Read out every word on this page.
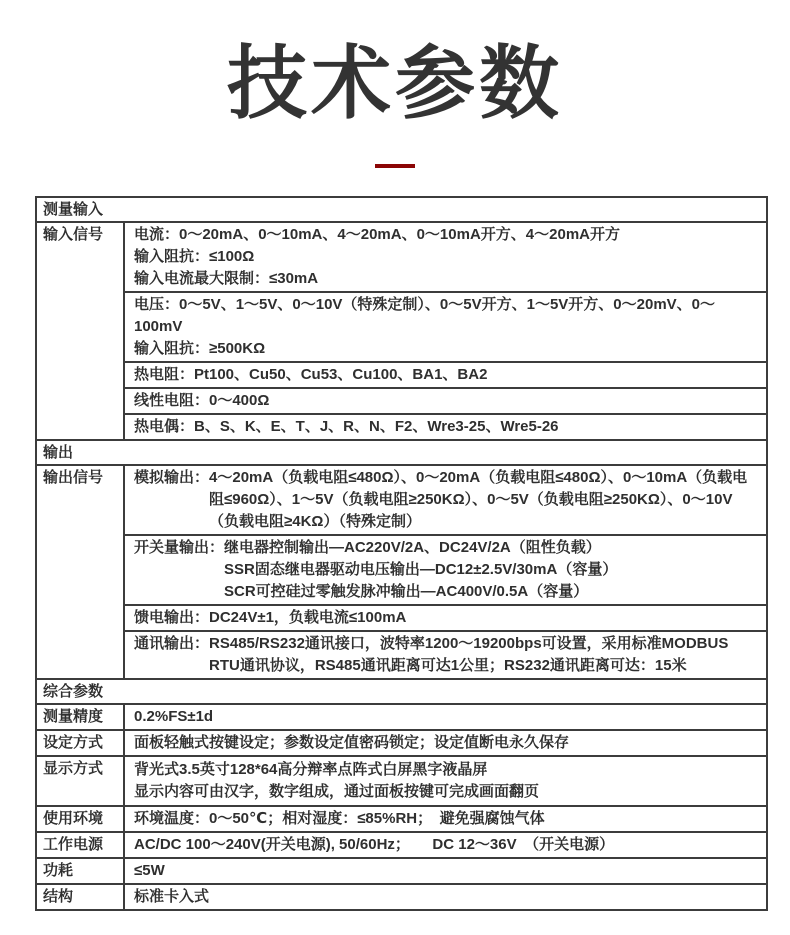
技术参数
测量输入
输入信号	电流：0～20mA、0～10mA、4～20mA、0～10mA开方、4～20mA开方
输入阻抗：≤100Ω
输入电流最大限制：≤30mA
电压：0～5V、1～5V、0～10V（特殊定制）、0～5V开方、1～5V开方、0～20mV、0～100mV
输入阻抗：≥500KΩ
热电阻：Pt100、Cu50、Cu53、Cu100、BA1、BA2
线性电阻：0～400Ω
热电偶：B、S、K、E、T、J、R、N、F2、Wre3-25、Wre5-26
输出
输出信号	模拟输出： 4～20mA（负载电阻≤480Ω）、0～20mA（负载电阻≤480Ω）、0～10mA（负载电阻≤960Ω）、1～5V（负载电阻≥250KΩ）、0～5V（负载电阻≥250KΩ）、0～10V（负载电阻≥4KΩ）（特殊定制）
开关量输出： 继电器控制输出—AC220V/2A、DC24V/2A（阻性负载）
SSR固态继电器驱动电压输出—DC12±2.5V/30mA（容量）
SCR可控硅过零触发脉冲输出—AC400V/0.5A（容量）
馈电输出：DC24V±1，负载电流≤100mA
通讯输出： RS485/RS232通讯接口，波特率1200～19200bps可设置，采用标准MODBUS RTU通讯协议，RS485通讯距离可达1公里；RS232通讯距离可达：15米
综合参数
测量精度	0.2%FS±1d
设定方式	面板轻触式按键设定；参数设定值密码锁定；设定值断电永久保存
显示方式	背光式3.5英寸128*64高分辩率点阵式白屏黑字液晶屏
显示内容可由汉字，数字组成，通过面板按键可完成画面翻页
使用环境	环境温度：0～50℃；相对湿度：≤85%RH；　避免强腐蚀气体
工作电源	AC/DC 100～240V(开关电源), 50/60Hz；　　DC 12～36V　（开关电源）
功耗	≤5W
结构	标准卡入式
